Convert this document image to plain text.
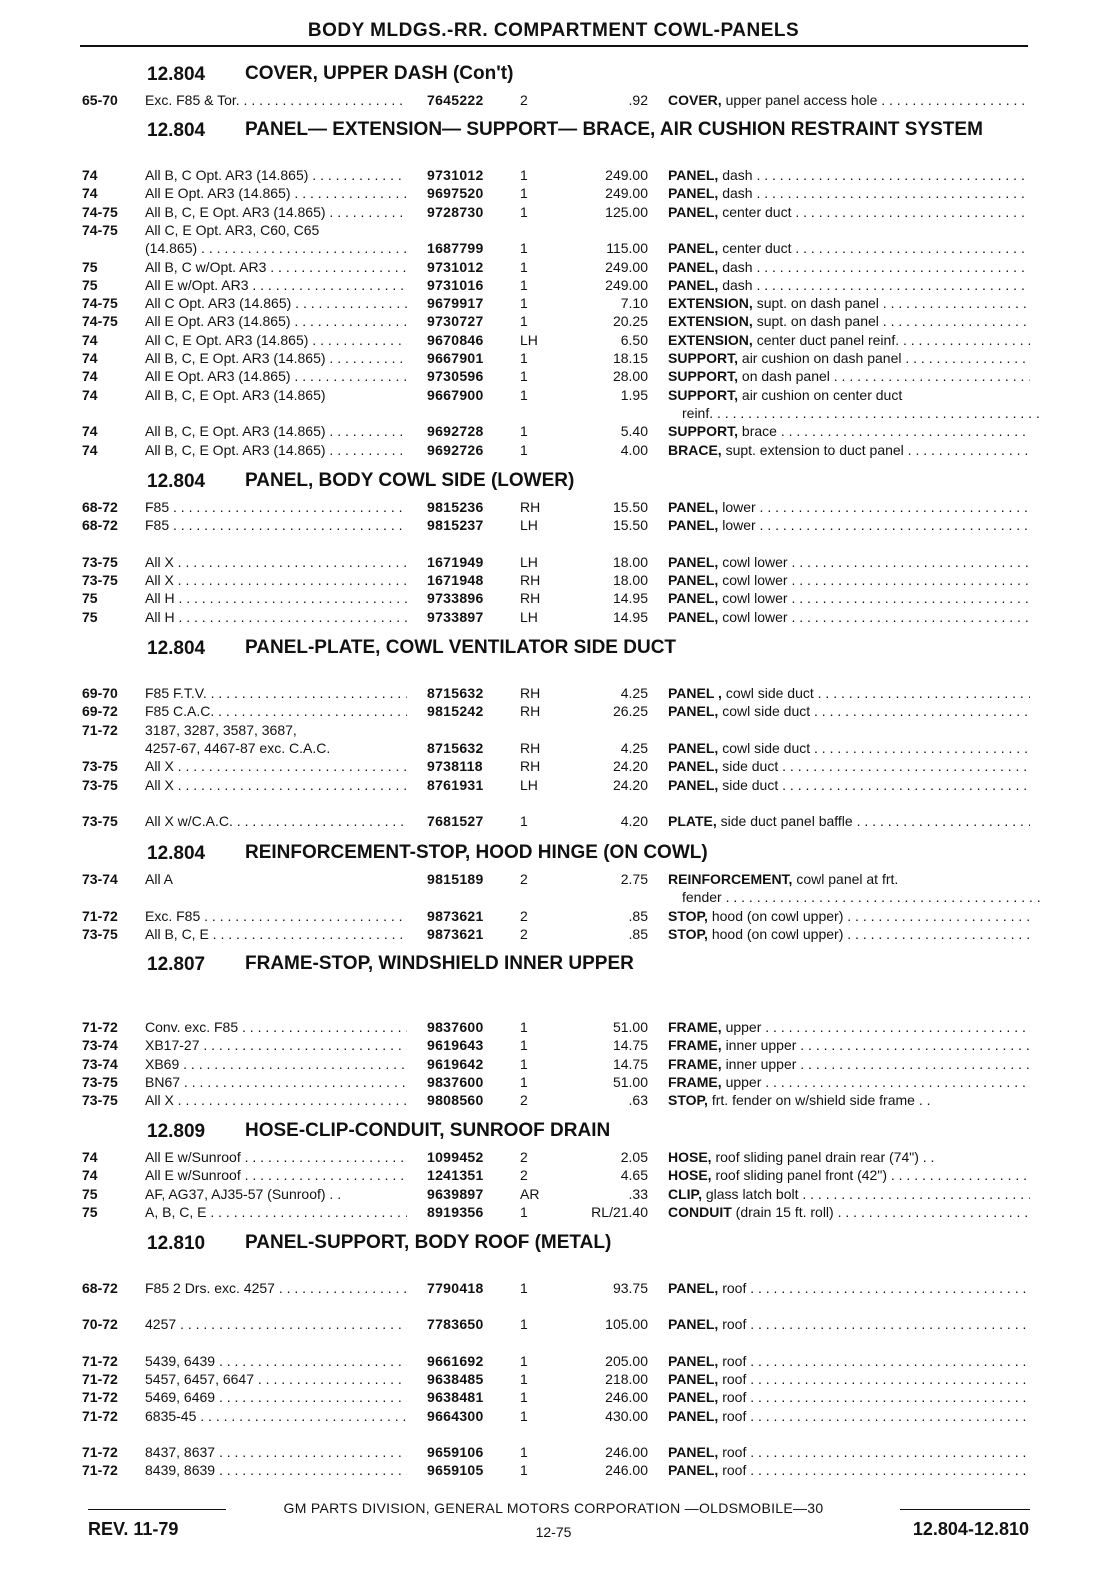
BODY MLDGS.-RR. COMPARTMENT COWL-PANELS
12.804 COVER, UPPER DASH (Con't)
65-70	Exc. F85 & Tor. . . .	7645222	2	.92 COVER, upper panel access hole . . .
12.804 PANEL— EXTENSION— SUPPORT— BRACE, AIR CUSHION RESTRAINT SYSTEM
74	All B, C Opt. AR3 (14.865) . . .	9731012	1	249.00 PANEL, dash . . .
74	All E Opt. AR3 (14.865) . . .	9697520	1	249.00 PANEL, dash . . .
74-75	All B, C, E Opt. AR3 (14.865) . . .	9728730	1	125.00 PANEL, center duct . . .
74-75	All C, E Opt. AR3, C60, C65
(14.865) . . .	1687799	1	115.00 PANEL, center duct . . .
75	All B, C w/Opt. AR3 . . .	9731012	1	249.00 PANEL, dash . . .
75	All E w/Opt. AR3 . . .	9731016	1	249.00 PANEL, dash . . .
74-75	All C Opt. AR3 (14.865) . . .	9679917	1	7.10 EXTENSION, supt. on dash panel . . .
74-75	All E Opt. AR3 (14.865) . . .	9730727	1	20.25 EXTENSION, supt. on dash panel . . .
74	All C, E Opt. AR3 (14.865) . . .	9670846	LH	6.50 EXTENSION, center duct panel reinf. . . .
74	All B, C, E Opt. AR3 (14.865) . . .	9667901	1	18.15 SUPPORT, air cushion on dash panel . . .
74	All E Opt. AR3 (14.865) . . .	9730596	1	28.00 SUPPORT, on dash panel . . .
74	All B, C, E Opt. AR3 (14.865)	9667900	1	1.95 SUPPORT, air cushion on center duct
reinf. . . .
74	All B, C, E Opt. AR3 (14.865) . . .	9692728	1	5.40 SUPPORT, brace . . .
74	All B, C, E Opt. AR3 (14.865) . . .	9692726	1	4.00 BRACE, supt. extension to duct panel . . .
12.804 PANEL, BODY COWL SIDE (LOWER)
68-72	F85 . . .	9815236	RH	15.50 PANEL, lower . . .
68-72	F85 . . .	9815237	LH	15.50 PANEL, lower . . .
73-75	All X . . .	1671949	LH	18.00 PANEL, cowl lower . . .
73-75	All X . . .	1671948	RH	18.00 PANEL, cowl lower . . .
75	All H . . .	9733896	RH	14.95 PANEL, cowl lower . . .
75	All H . . .	9733897	LH	14.95 PANEL, cowl lower . . .
12.804 PANEL-PLATE, COWL VENTILATOR SIDE DUCT
69-70	F85 F.T.V. . . .	8715632	RH	4.25 PANEL , cowl side duct . . .
69-72	F85 C.A.C. . . .	9815242	RH	26.25 PANEL, cowl side duct . . .
71-72	3187, 3287, 3587, 3687,
4257-67, 4467-87 exc. C.A.C.	8715632	RH	4.25 PANEL, cowl side duct . . .
73-75	All X . . .	9738118	RH	24.20 PANEL, side duct . . .
73-75	All X . . .	8761931	LH	24.20 PANEL, side duct . . .
73-75	All X w/C.A.C. . . .	7681527	1	4.20 PLATE, side duct panel baffle . . .
12.804 REINFORCEMENT-STOP, HOOD HINGE (ON COWL)
73-74	All A	9815189	2	2.75 REINFORCEMENT, cowl panel at frt.
fender . . .
71-72	Exc. F85 . . .	9873621	2	.85 STOP, hood (on cowl upper) . . .
73-75	All B, C, E . . .	9873621	2	.85 STOP, hood (on cowl upper) . . .
12.807 FRAME-STOP, WINDSHIELD INNER UPPER
71-72	Conv. exc. F85 . . .	9837600	1	51.00 FRAME, upper . . .
73-74	XB17-27 . . .	9619643	1	14.75 FRAME, inner upper . . .
73-74	XB69 . . .	9619642	1	14.75 FRAME, inner upper . . .
73-75	BN67 . . .	9837600	1	51.00 FRAME, upper . . .
73-75	All X . . .	9808560	2	.63 STOP, frt. fender on w/shield side frame . .
12.809 HOSE-CLIP-CONDUIT, SUNROOF DRAIN
74	All E w/Sunroof . . .	1099452	2	2.05 HOSE, roof sliding panel drain rear (74") . .
74	All E w/Sunroof . . .	1241351	2	4.65 HOSE, roof sliding panel front (42") . . .
75	AF, AG37, AJ35-57 (Sunroof) . .	9639897	AR	.33 CLIP, glass latch bolt . . .
75	A, B, C, E . . .	8919356	1	RL/21.40 CONDUIT (drain 15 ft. roll) . . .
12.810 PANEL-SUPPORT, BODY ROOF (METAL)
68-72	F85 2 Drs. exc. 4257 . . .	7790418	1	93.75 PANEL, roof . . .
70-72	4257 . . .	7783650	1	105.00 PANEL, roof . . .
71-72	5439, 6439 . . .	9661692	1	205.00 PANEL, roof . . .
71-72	5457, 6457, 6647 . . .	9638485	1	218.00 PANEL, roof . . .
71-72	5469, 6469 . . .	9638481	1	246.00 PANEL, roof . . .
71-72	6835-45 . . .	9664300	1	430.00 PANEL, roof . . .
71-72	8437, 8637 . . .	9659106	1	246.00 PANEL, roof . . .
71-72	8439, 8639 . . .	9659105	1	246.00 PANEL, roof . . .
GM PARTS DIVISION, GENERAL MOTORS CORPORATION —OLDSMOBILE—30
REV. 11-79	12-75	12.804-12.810
